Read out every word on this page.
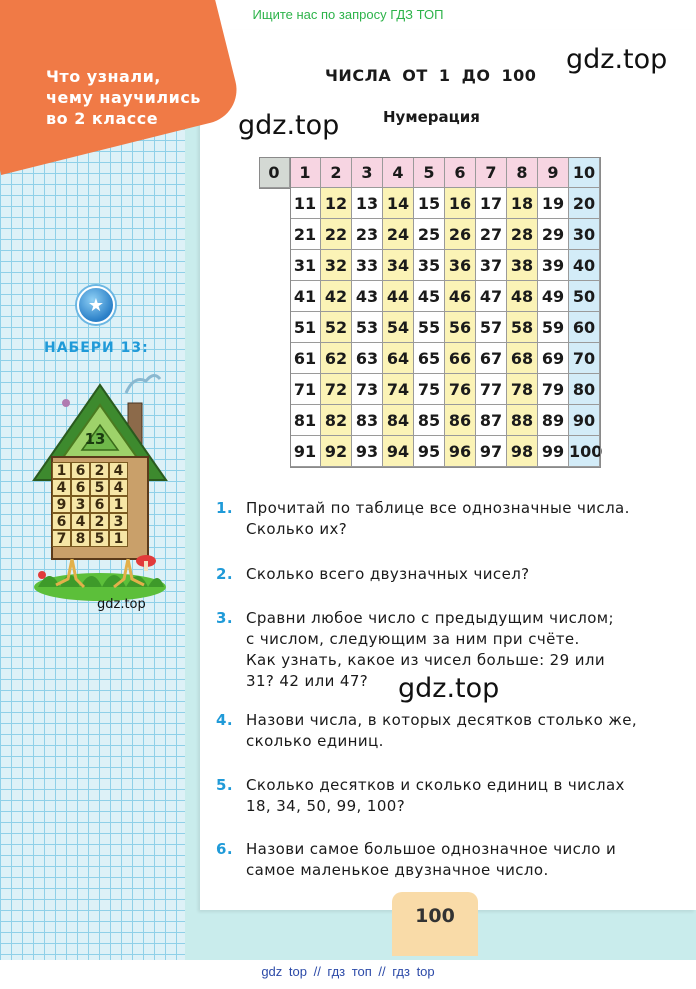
Ищите нас по запросу ГДЗ ТОП
Что узнали,
чему научились
во 2 классе
gdz.top
gdz.top
gdz.top
ЧИСЛА ОТ 1 ДО 100
Нумерация
0	1	2	3	4	5	6	7	8	9 10
11 12 13 14 15 16 17 18 19 20
21 22 23 24 25 26 27 28 29 30
31 32 33 34 35 36 37 38 39 40
41 42 43 44 45 46 47 48 49 50
51 52 53 54 55 56 57 58 59 60
61 62 63 64 65 66 67 68 69 70
71 72 73 74 75 76 77 78 79 80
81 82 83 84 85 86 87 88 89 90
91 92 93 94 95 96 97 98 99 100
★
НАБЕРИ 13:
13
1 6 2 4
4 6 5 4
9 3 6 1
6 4 2 3
7 8 5 1
gdz.top
1. Прочитай по таблице все однозначные числа.
Сколько их?
2. Сколько всего двузначных чисел?
3. Сравни любое число с предыдущим числом;
с числом, следующим за ним при счёте.
Как узнать, какое из чисел больше: 29 или
31? 42 или 47?
4. Назови числа, в которых десятков столько же,
сколько единиц.
5. Сколько десятков и сколько единиц в числах
18, 34, 50, 99, 100?
6. Назови самое большое однозначное число и
самое маленькое двузначное число.
100
gdz top // гдз топ // гдз top
